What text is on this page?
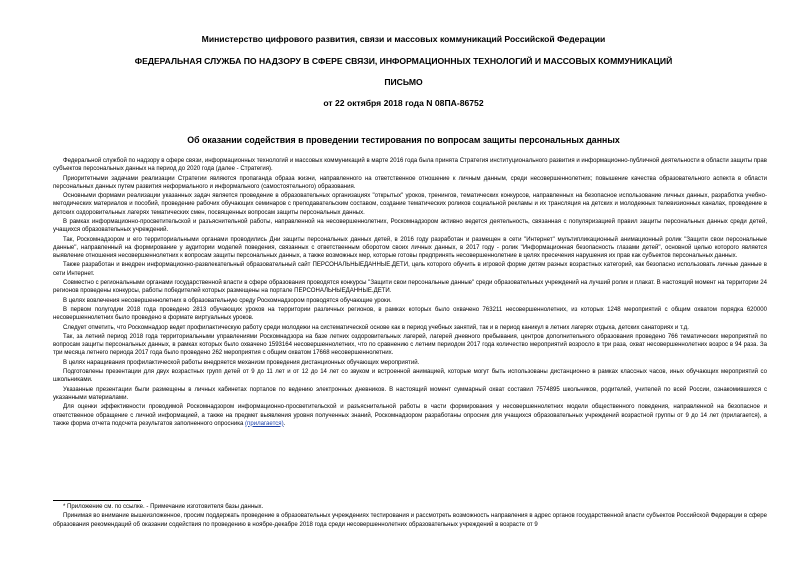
Министерство цифрового развития, связи и массовых коммуникаций Российской Федерации
ФЕДЕРАЛЬНАЯ СЛУЖБА ПО НАДЗОРУ В СФЕРЕ СВЯЗИ, ИНФОРМАЦИОННЫХ ТЕХНОЛОГИЙ И МАССОВЫХ КОММУНИКАЦИЙ
ПИСЬМО
от 22 октября 2018 года N 08ПА-86752
Об оказании содействия в проведении тестирования по вопросам защиты персональных данных

Федеральной службой по надзору в сфере связи, информационных технологий и массовых коммуникаций в марте 2016 года была принята Стратегия институционального развития и информационно-публичной деятельности в области защиты прав субъектов персональных данных на период до 2020 года (далее - Стратегия).

Приоритетными задачами реализации Стратегии являются пропаганда образа жизни, направленного на ответственное отношение к личным данным, среди несовершеннолетних; повышение качества образовательного аспекта в области персональных данных путем развития неформального и информального (самостоятельного) образования.

Основными формами реализации указанных задач является проведение в образовательных организациях "открытых" уроков, тренингов, тематических конкурсов, направленных на безопасное использование личных данных, разработка учебно-методических материалов и пособий, проведение рабочих обучающих семинаров с преподавательским составом, создание тематических роликов социальной рекламы и их трансляция на детских и молодежных телевизионных каналах, проведение в детских оздоровительных лагерях тематических смен, посвященных вопросам защиты персональных данных.

В рамках информационно-просветительской и разъяснительной работы, направленной на несовершеннолетних, Роскомнадзором активно ведется деятельность, связанная с популяризацией правил защиты персональных данных среди детей, учащихся образовательных учреждений.

Так, Роскомнадзором и его территориальными органами проводились Дни защиты персональных данных детей, в 2016 году разработан и размещен в сети "Интернет" мультипликационный анимационный ролик "Защити свои персональные данные", направленный на формирование у аудитории моделей поведения, связанных с ответственным оборотом своих личных данных, в 2017 году - ролик "Информационная безопасность глазами детей", основной целью которого является выявление отношения несовершеннолетних к вопросам защиты персональных данных, а также возможных мер, которые готовы предпринять несовершеннолетние в целях пресечения нарушения их прав как субъектов персональных данных.

Также разработан и внедрен информационно-развлекательный образовательный сайт ПЕРСОНАЛЬНЫЕДАННЫЕ.ДЕТИ, цель которого обучить в игровой форме детям разных возрастных категорий, как безопасно использовать личные данные в сети Интернет.

Совместно с региональными органами государственной власти в сфере образования проводятся конкурсы "Защити свои персональные данные" среди образовательных учреждений на лучший ролик и плакат. В настоящий момент на территории 24 регионов проведены конкурсы, работы победителей которых размещены на портале ПЕРСОНАЛЬНЫЕДАННЫЕ.ДЕТИ.

В целях вовлечения несовершеннолетних в образовательную среду Роскомнадзором проводятся обучающие уроки.

В первом полугодии 2018 года проведено 2813 обучающих уроков на территории различных регионов, в рамках которых было охвачено 763211 несовершеннолетних, из которых 1248 мероприятий с общим охватом порядка 620000 несовершеннолетних было проведено в формате виртуальных уроков.

Следует отметить, что Роскомнадзор ведет профилактическую работу среди молодежи на систематической основе как в период учебных занятий, так и в период каникул в летних лагерях отдыха, детских санаториях и т.д.

Так, за летний период 2018 года территориальными управлениями Роскомнадзора на базе летних оздоровительных лагерей, лагерей дневного пребывания, центров дополнительного образования проведено 766 тематических мероприятий по вопросам защиты персональных данных, в рамках которых было охвачено 1593164 несовершеннолетних, что по сравнению с летним периодом 2017 года количество мероприятий возросло в три раза, охват несовершеннолетних возрос в 94 раза. За три месяца летнего периода 2017 года было проведено 262 мероприятия с общим охватом 17668 несовершеннолетних.

В целях наращивания профилактической работы внедряется механизм проведения дистанционных обучающих мероприятий.

Подготовлены презентации для двух возрастных групп детей от 9 до 11 лет и от 12 до 14 лет со звуком и встроенной анимацией, которые могут быть использованы дистанционно в рамках классных часов, иных обучающих мероприятий со школьниками.

Указанные презентации были размещены в личных кабинетах порталов по ведению электронных дневников. В настоящий момент суммарный охват составил 7574895 школьников, родителей, учителей по всей России, ознакомившихся с указанными материалами.

Для оценки эффективности проводимой Роскомнадзором информационно-просветительской и разъяснительной работы в части формирования у несовершеннолетних модели общественного поведения, направленной на безопасное и ответственное обращение с личной информацией, а также на предмет выявления уровня полученных знаний, Роскомнадзором разработаны опросник для учащихся образовательных учреждений возрастной группы от 9 до 14 лет (прилагается), а также форма отчета подсчета результатов заполненного опросника (прилагается).

* Приложение см. по ссылке. - Примечание изготовителя базы данных.

Принимая во внимание вышеизложенное, просим поддержать проведение в образовательных учреждениях тестирования и рассмотреть возможность направления в адрес органов государственной власти субъектов Российской Федерации в сфере образования рекомендаций об оказании содействия по проведению в ноябре-декабре 2018 года среди несовершеннолетних образовательных учреждений в возрасте от 9
